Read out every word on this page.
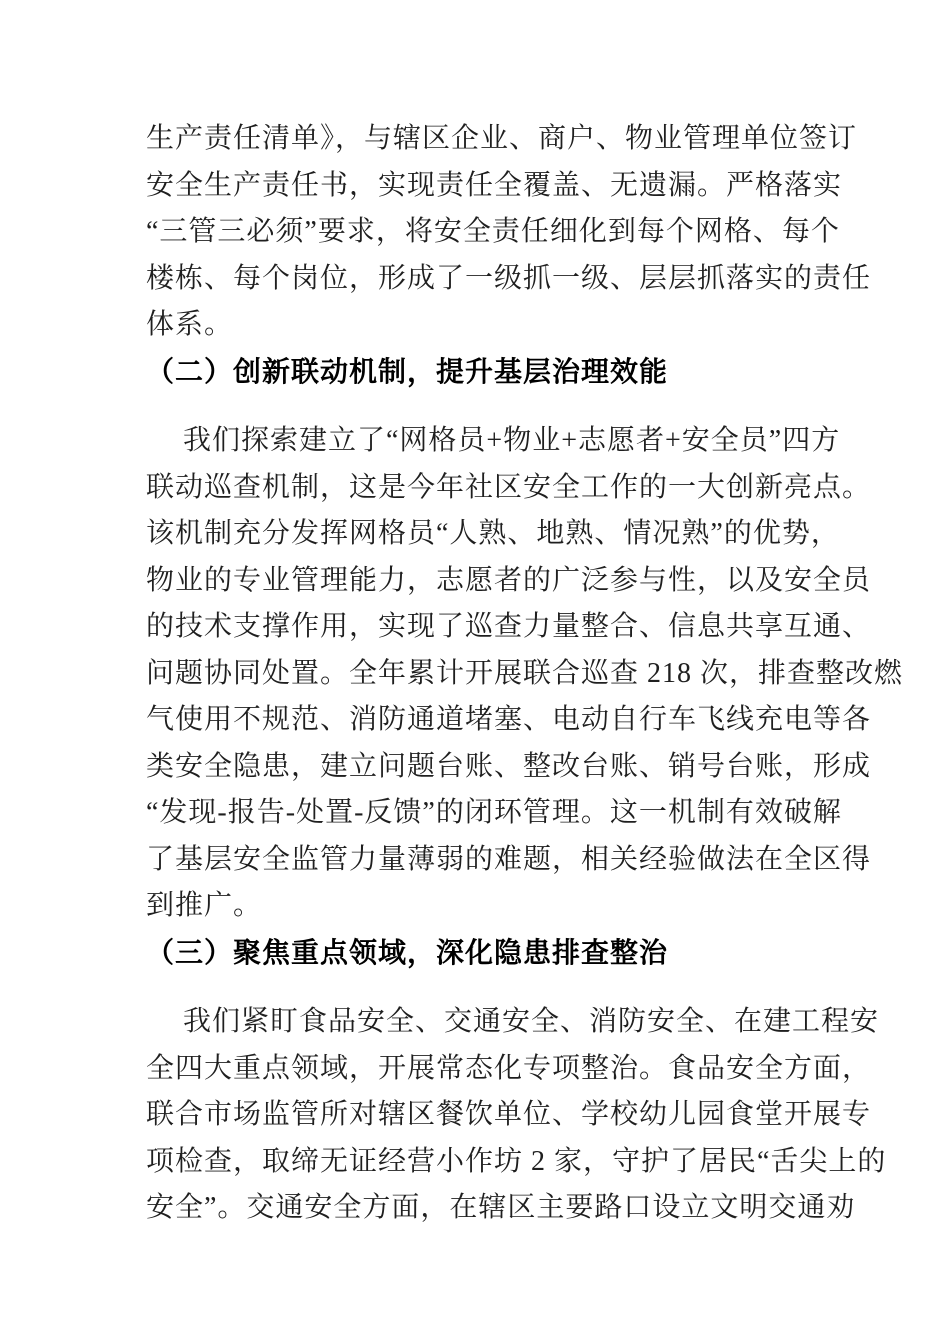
生产责任清单》，与辖区企业、商户、物业管理单位签订
安全生产责任书，实现责任全覆盖、无遗漏。严格落实
“三管三必须”要求，将安全责任细化到每个网格、每个
楼栋、每个岗位，形成了一级抓一级、层层抓落实的责任
体系。
（二）创新联动机制，提升基层治理效能
我们探索建立了“网格员+物业+志愿者+安全员”四方
联动巡查机制，这是今年社区安全工作的一大创新亮点。
该机制充分发挥网格员“人熟、地熟、情况熟”的优势，
物业的专业管理能力，志愿者的广泛参与性，以及安全员
的技术支撑作用，实现了巡查力量整合、信息共享互通、
问题协同处置。全年累计开展联合巡查 218 次，排查整改燃
气使用不规范、消防通道堵塞、电动自行车飞线充电等各
类安全隐患，建立问题台账、整改台账、销号台账，形成
“发现-报告-处置-反馈”的闭环管理。这一机制有效破解
了基层安全监管力量薄弱的难题，相关经验做法在全区得
到推广。
（三）聚焦重点领域，深化隐患排查整治
我们紧盯食品安全、交通安全、消防安全、在建工程安
全四大重点领域，开展常态化专项整治。食品安全方面，
联合市场监管所对辖区餐饮单位、学校幼儿园食堂开展专
项检查，取缔无证经营小作坊 2 家，守护了居民“舌尖上的
安全”。交通安全方面，在辖区主要路口设立文明交通劝
